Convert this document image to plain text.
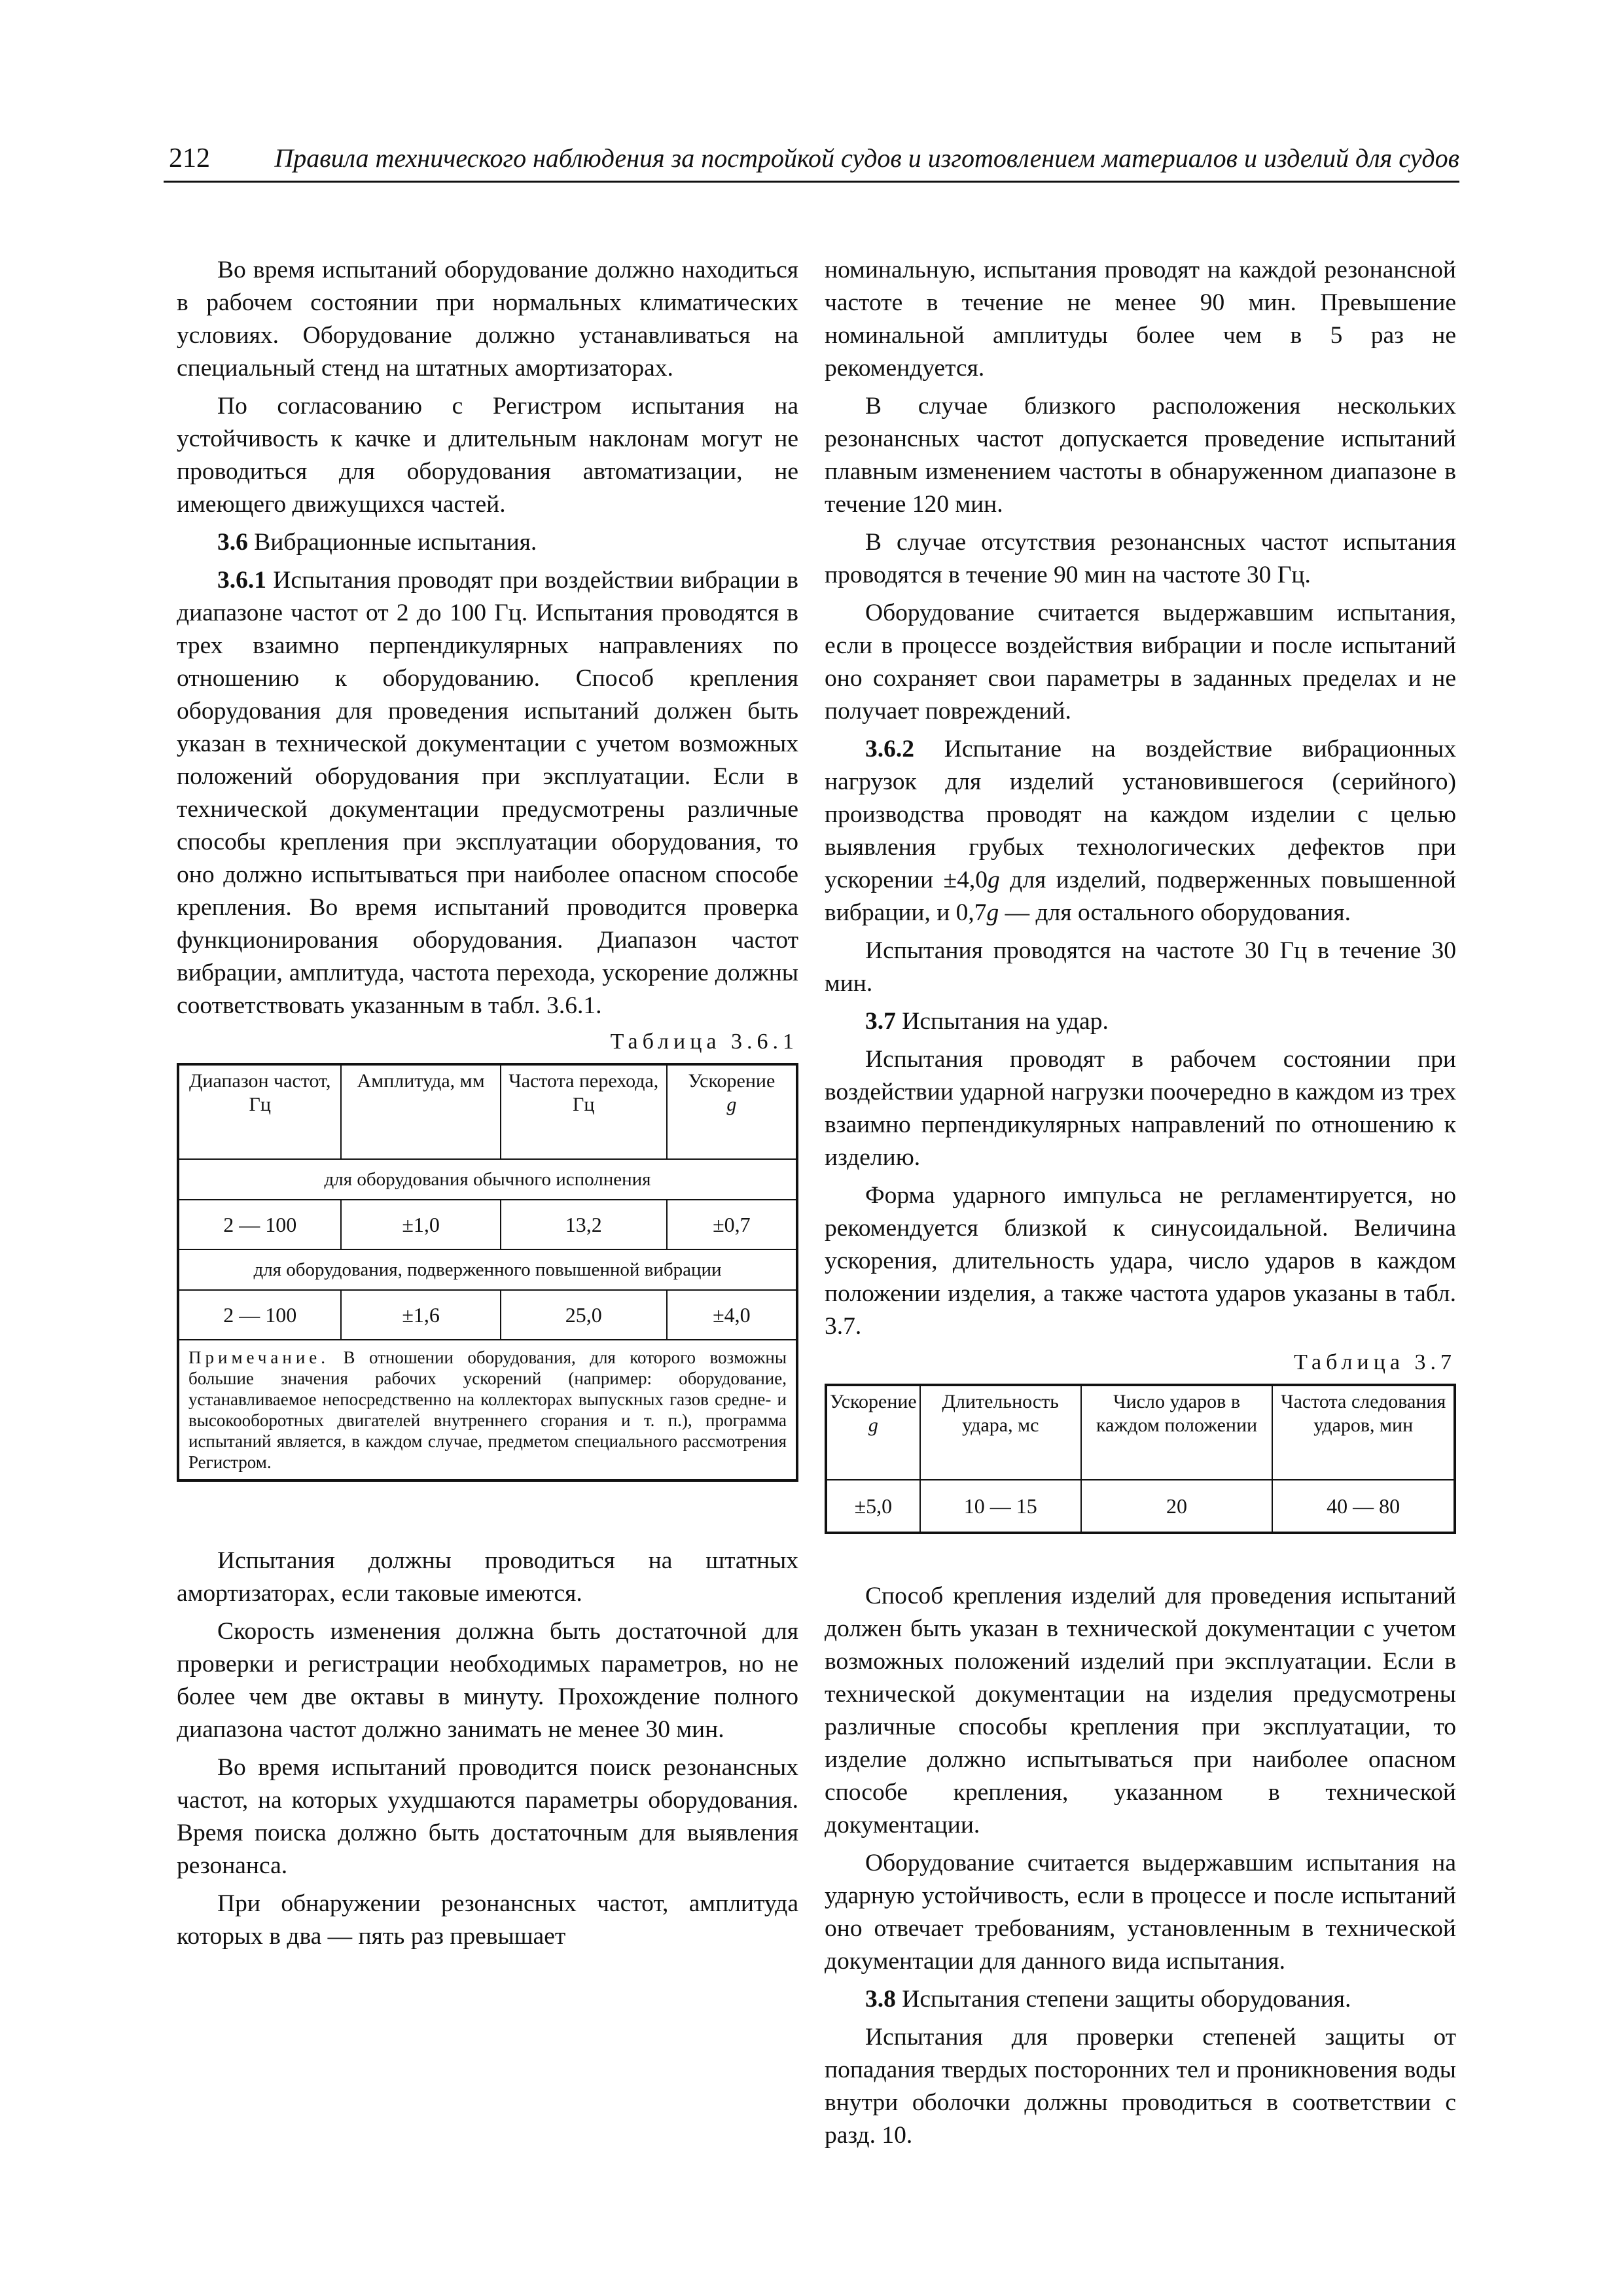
212 Правила технического наблюдения за постройкой судов и изготовлением материалов и изделий для судов

Во время испытаний оборудование должно находиться в рабочем состоянии при нормальных климатических условиях. Оборудование должно устанавливаться на специальный стенд на штатных амортизаторах.

По согласованию с Регистром испытания на устойчивость к качке и длительным наклонам могут не проводиться для оборудования автоматизации, не имеющего движущихся частей.

3.6 Вибрационные испытания.

3.6.1 Испытания проводят при воздействии вибрации в диапазоне частот от 2 до 100 Гц. Испытания проводятся в трех взаимно перпендикулярных направлениях по отношению к оборудованию. Способ крепления оборудования для проведения испытаний должен быть указан в технической документации с учетом возможных положений оборудования при эксплуатации. Если в технической документации предусмотрены различные способы крепления при эксплуатации оборудования, то оно должно испытываться при наиболее опасном способе крепления. Во время испытаний проводится проверка функционирования оборудования. Диапазон частот вибрации, амплитуда, частота перехода, ускорение должны соответствовать указанным в табл. 3.6.1.

Таблица 3.6.1
Диапазон частот, Гц	Амплитуда, мм	Частота перехода, Гц	Ускорение
g
для оборудования обычного исполнения			
2 — 100	±1,0	13,2	±0,7
для оборудования, подверженного повышенной вибрации			
2 — 100	±1,6	25,0	±4,0
Примечание. В отношении оборудования, для которого возможны большие значения рабочих ускорений (например: оборудование, устанавливаемое непосредственно на коллекторах выпускных газов средне- и высокооборотных двигателей внутреннего сгорания и т. п.), программа испытаний является, в каждом случае, предметом специального рассмотрения Регистром.			

Испытания должны проводиться на штатных амортизаторах, если таковые имеются.

Скорость изменения должна быть достаточной для проверки и регистрации необходимых параметров, но не более чем две октавы в минуту. Прохождение полного диапазона частот должно занимать не менее 30 мин.

Во время испытаний проводится поиск резонансных частот, на которых ухудшаются параметры оборудования. Время поиска должно быть достаточным для выявления резонанса.

При обнаружении резонансных частот, амплитуда которых в два — пять раз превышает

номинальную, испытания проводят на каждой резонансной частоте в течение не менее 90 мин. Превышение номинальной амплитуды более чем в 5 раз не рекомендуется.

В случае близкого расположения нескольких резонансных частот допускается проведение испытаний плавным изменением частоты в обнаруженном диапазоне в течение 120 мин.

В случае отсутствия резонансных частот испытания проводятся в течение 90 мин на частоте 30 Гц.

Оборудование считается выдержавшим испытания, если в процессе воздействия вибрации и после испытаний оно сохраняет свои параметры в заданных пределах и не получает повреждений.

3.6.2 Испытание на воздействие вибрационных нагрузок для изделий установившегося (серийного) производства проводят на каждом изделии с целью выявления грубых технологических дефектов при ускорении ±4,0g для изделий, подверженных повышенной вибрации, и 0,7g — для остального оборудования.

Испытания проводятся на частоте 30 Гц в течение 30 мин.

3.7 Испытания на удар.

Испытания проводят в рабочем состоянии при воздействии ударной нагрузки поочередно в каждом из трех взаимно перпендикулярных направлений по отношению к изделию.

Форма ударного импульса не регламентируется, но рекомендуется близкой к синусоидальной. Величина ускорения, длительность удара, число ударов в каждом положении изделия, а также частота ударов указаны в табл. 3.7.

Таблица 3.7
Ускорение
g	Длительность удара, мс	Число ударов в каждом положении	Частота следования ударов, мин
±5,0	10 — 15	20	40 — 80

Способ крепления изделий для проведения испытаний должен быть указан в технической документации с учетом возможных положений изделий при эксплуатации. Если в технической документации на изделия предусмотрены различные способы крепления при эксплуатации, то изделие должно испытываться при наиболее опасном способе крепления, указанном в технической документации.

Оборудование считается выдержавшим испытания на ударную устойчивость, если в процессе и после испытаний оно отвечает требованиям, установленным в технической документации для данного вида испытания.

3.8 Испытания степени защиты оборудования.

Испытания для проверки степеней защиты от попадания твердых посторонних тел и проникновения воды внутри оболочки должны проводиться в соответствии с разд. 10.
